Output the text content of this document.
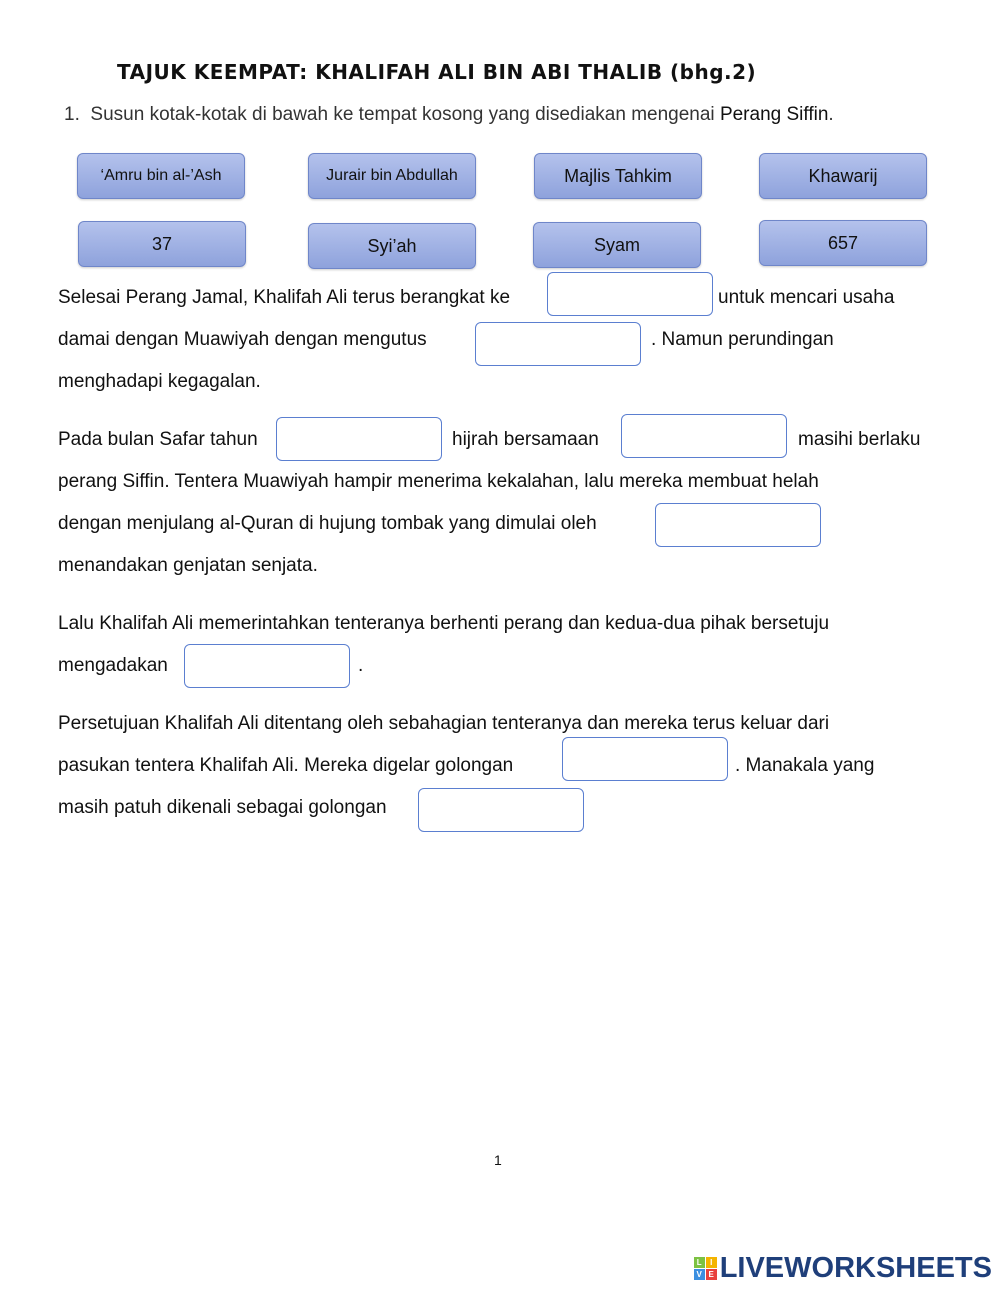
TAJUK KEEMPAT: KHALIFAH ALI BIN ABI THALIB (bhg.2)
1. Susun kotak-kotak di bawah ke tempat kosong yang disediakan mengenai Perang Siffin.
‘Amru bin al-’Ash	Jurair bin Abdullah	Majlis Tahkim	Khawarij
37	Syi’ah	Syam	657
Selesai Perang Jamal, Khalifah Ali terus berangkat ke	untuk mencari usaha
damai dengan Muawiyah dengan mengutus	. Namun perundingan
menghadapi kegagalan.
Pada bulan Safar tahun	hijrah bersamaan	masihi berlaku
perang Siffin. Tentera Muawiyah hampir menerima kekalahan, lalu mereka membuat helah
dengan menjulang al-Quran di hujung tombak yang dimulai oleh
menandakan genjatan senjata.
Lalu Khalifah Ali memerintahkan tenteranya berhenti perang dan kedua-dua pihak bersetuju
mengadakan	.
Persetujuan Khalifah Ali ditentang oleh sebahagian tenteranya dan mereka terus keluar dari
pasukan tentera Khalifah Ali. Mereka digelar golongan	. Manakala yang
masih patuh dikenali sebagai golongan
1
L	I
V E LIVEWORKSHEETS
